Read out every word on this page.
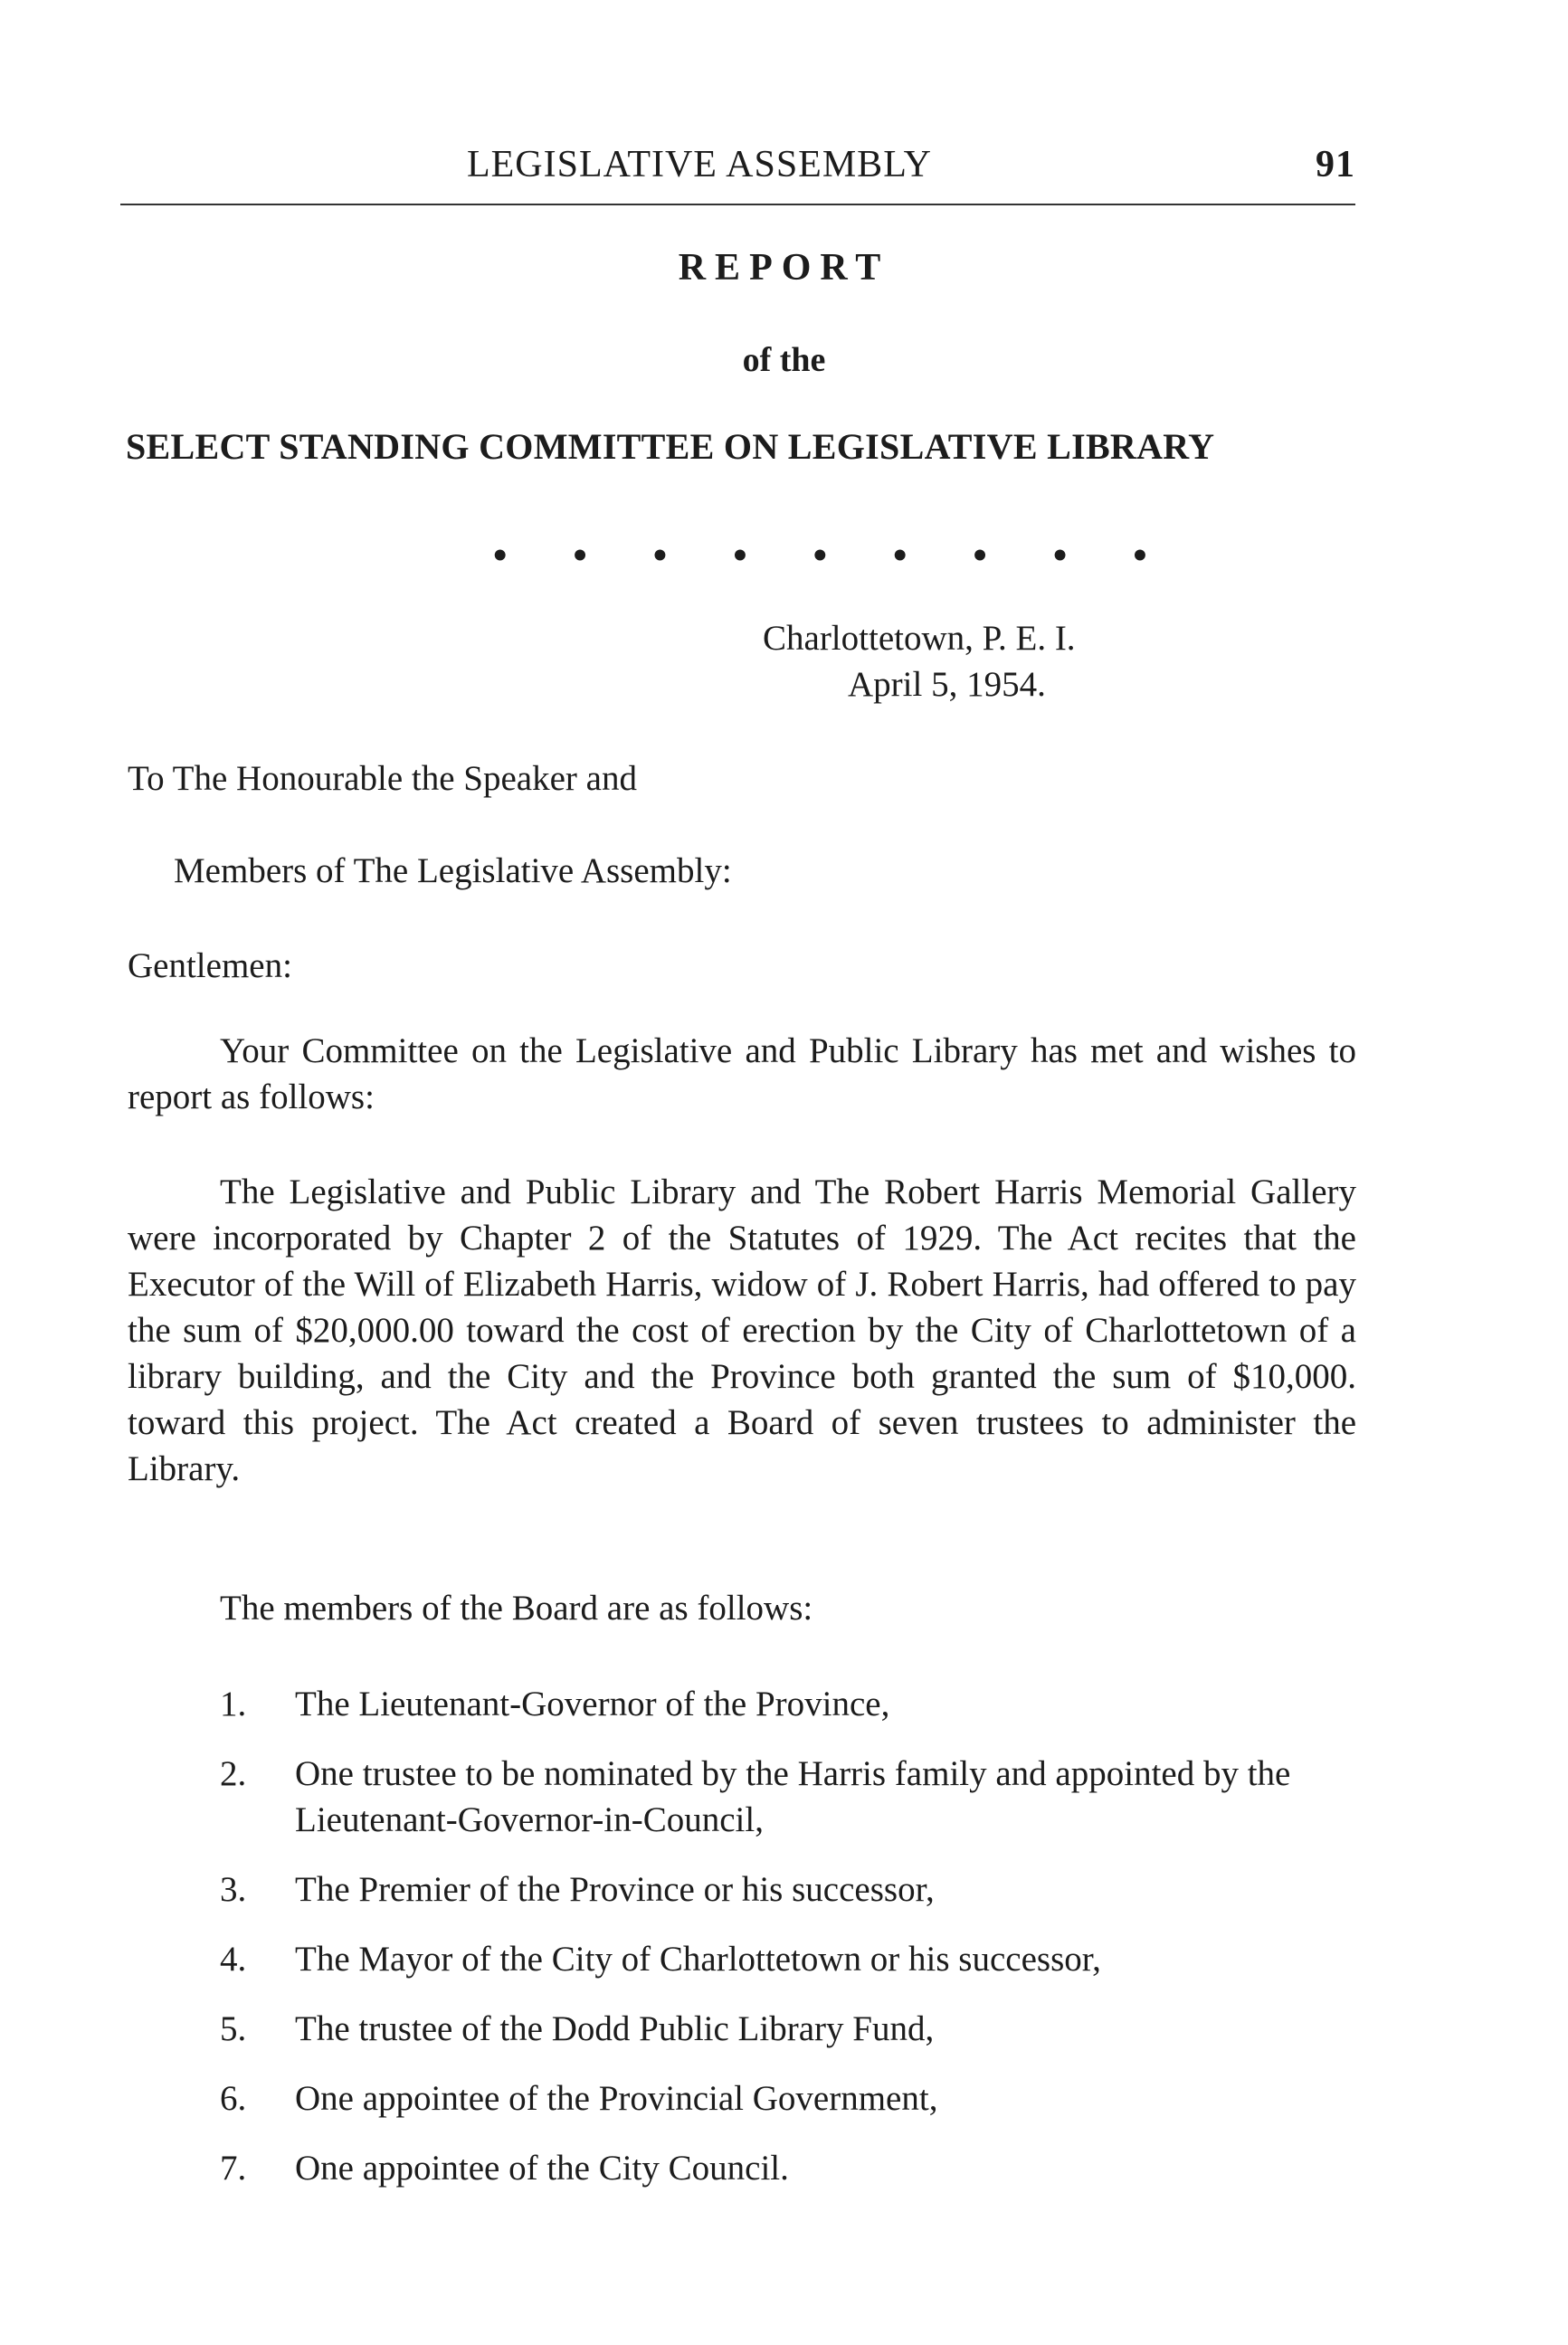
LEGISLATIVE ASSEMBLY	91
REPORT
of the
SELECT STANDING COMMITTEE ON LEGISLATIVE LIBRARY
• • • • • • • • •
Charlottetown, P. E. I.
April 5, 1954.
To The Honourable the Speaker and
Members of The Legislative Assembly:
Gentlemen:
Your Committee on the Legislative and Public Library has met and wishes to report as follows:
The Legislative and Public Library and The Robert Harris Memorial Gallery were incorporated by Chapter 2 of the Statutes of 1929. The Act recites that the Executor of the Will of Elizabeth Harris, widow of J. Robert Harris, had offered to pay the sum of $20,000.00 toward the cost of erection by the City of Charlottetown of a library building, and the City and the Province both granted the sum of $10,000. toward this project. The Act created a Board of seven trustees to administer the Library.
The members of the Board are as follows:
1. The Lieutenant-Governor of the Province,
2. One trustee to be nominated by the Harris family and appointed by the Lieutenant-Governor-in-Council,
3. The Premier of the Province or his successor,
4. The Mayor of the City of Charlottetown or his successor,
5. The trustee of the Dodd Public Library Fund,
6. One appointee of the Provincial Government,
7. One appointee of the City Council.
